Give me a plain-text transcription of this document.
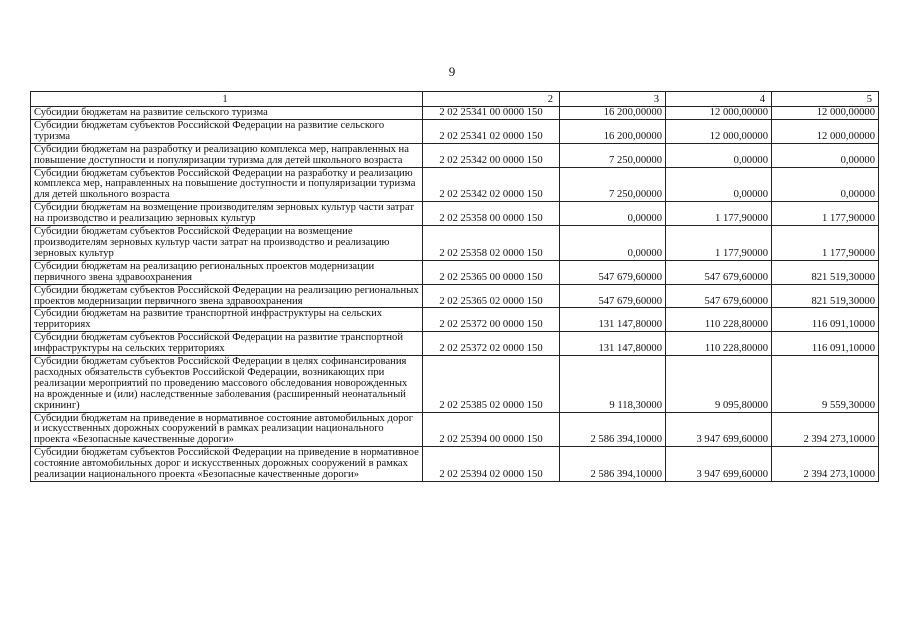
9
1	2	3	4	5
Субсидии бюджетам на развитие сельского туризма	2 02 25341 00 0000 150	16 200,00000	12 000,00000	12 000,00000
Субсидии бюджетам субъектов Российской Федерации на развитие сельского туризма	2 02 25341 02 0000 150	16 200,00000	12 000,00000	12 000,00000
Субсидии бюджетам на разработку и реализацию комплекса мер, направленных на повышение доступности и популяризации туризма для детей школьного возраста	2 02 25342 00 0000 150	7 250,00000	0,00000	0,00000
Субсидии бюджетам субъектов Российской Федерации на разработку и реализацию комплекса мер, направленных на повышение доступности и популяризации туризма для детей школьного возраста	2 02 25342 02 0000 150	7 250,00000	0,00000	0,00000
Субсидии бюджетам на возмещение производителям зерновых культур части затрат на производство и реализацию зерновых культур	2 02 25358 00 0000 150	0,00000	1 177,90000	1 177,90000
Субсидии бюджетам субъектов Российской Федерации на возмещение производителям зерновых культур части затрат на производство и реализацию зерновых культур	2 02 25358 02 0000 150	0,00000	1 177,90000	1 177,90000
Субсидии бюджетам на реализацию региональных проектов модернизации первичного звена здравоохранения	2 02 25365 00 0000 150	547 679,60000	547 679,60000	821 519,30000
Субсидии бюджетам субъектов Российской Федерации на реализацию региональных проектов модернизации первичного звена здравоохранения	2 02 25365 02 0000 150	547 679,60000	547 679,60000	821 519,30000
Субсидии бюджетам на развитие транспортной инфраструктуры на сельских территориях	2 02 25372 00 0000 150	131 147,80000	110 228,80000	116 091,10000
Субсидии бюджетам субъектов Российской Федерации на развитие транспортной инфраструктуры на сельских территориях	2 02 25372 02 0000 150	131 147,80000	110 228,80000	116 091,10000
Субсидии бюджетам субъектов Российской Федерации в целях софинансирования расходных обязательств субъектов Российской Федерации, возникающих при реализации мероприятий по проведению массового обследования новорожденных на врожденные и (или) наследственные заболевания (расширенный неонатальный скрининг)	2 02 25385 02 0000 150	9 118,30000	9 095,80000	9 559,30000
Субсидии бюджетам на приведение в нормативное состояние автомобильных дорог и искусственных дорожных сооружений в рамках реализации национального проекта «Безопасные качественные дороги»	2 02 25394 00 0000 150	2 586 394,10000	3 947 699,60000	2 394 273,10000
Субсидии бюджетам субъектов Российской Федерации на приведение в нормативное состояние автомобильных дорог и искусственных дорожных сооружений в рамках реализации национального проекта «Безопасные качественные дороги»	2 02 25394 02 0000 150	2 586 394,10000	3 947 699,60000	2 394 273,10000
